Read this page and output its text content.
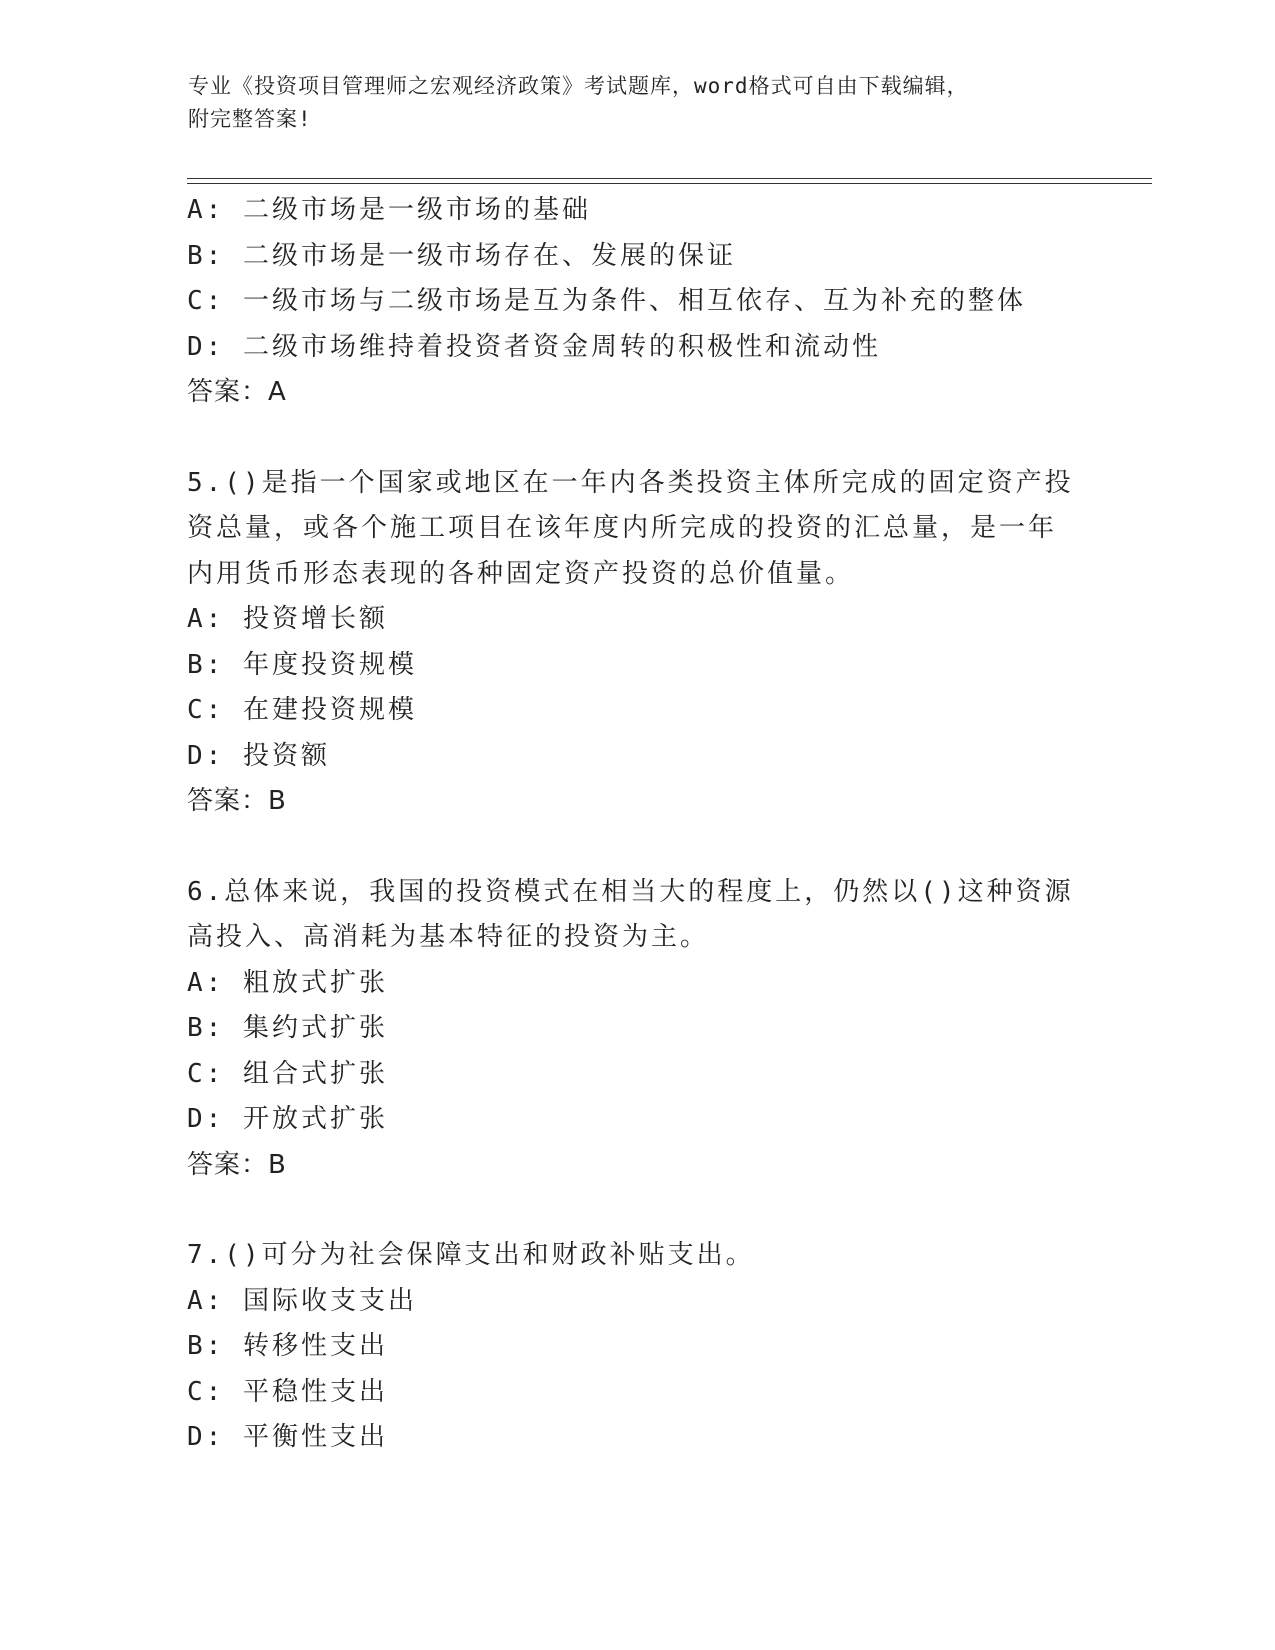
专业《投资项目管理师之宏观经济政策》考试题库，word格式可自由下载编辑，
附完整答案!
A: 二级市场是一级市场的基础
B: 二级市场是一级市场存在、发展的保证
C: 一级市场与二级市场是互为条件、相互依存、互为补充的整体
D: 二级市场维持着投资者资金周转的积极性和流动性
答案：A
5.()是指一个国家或地区在一年内各类投资主体所完成的固定资产投
资总量，或各个施工项目在该年度内所完成的投资的汇总量，是一年
内用货币形态表现的各种固定资产投资的总价值量。
A: 投资增长额
B: 年度投资规模
C: 在建投资规模
D: 投资额
答案：B
6.总体来说，我国的投资模式在相当大的程度上，仍然以()这种资源
高投入、高消耗为基本特征的投资为主。
A: 粗放式扩张
B: 集约式扩张
C: 组合式扩张
D: 开放式扩张
答案：B
7.()可分为社会保障支出和财政补贴支出。
A: 国际收支支出
B: 转移性支出
C: 平稳性支出
D: 平衡性支出
